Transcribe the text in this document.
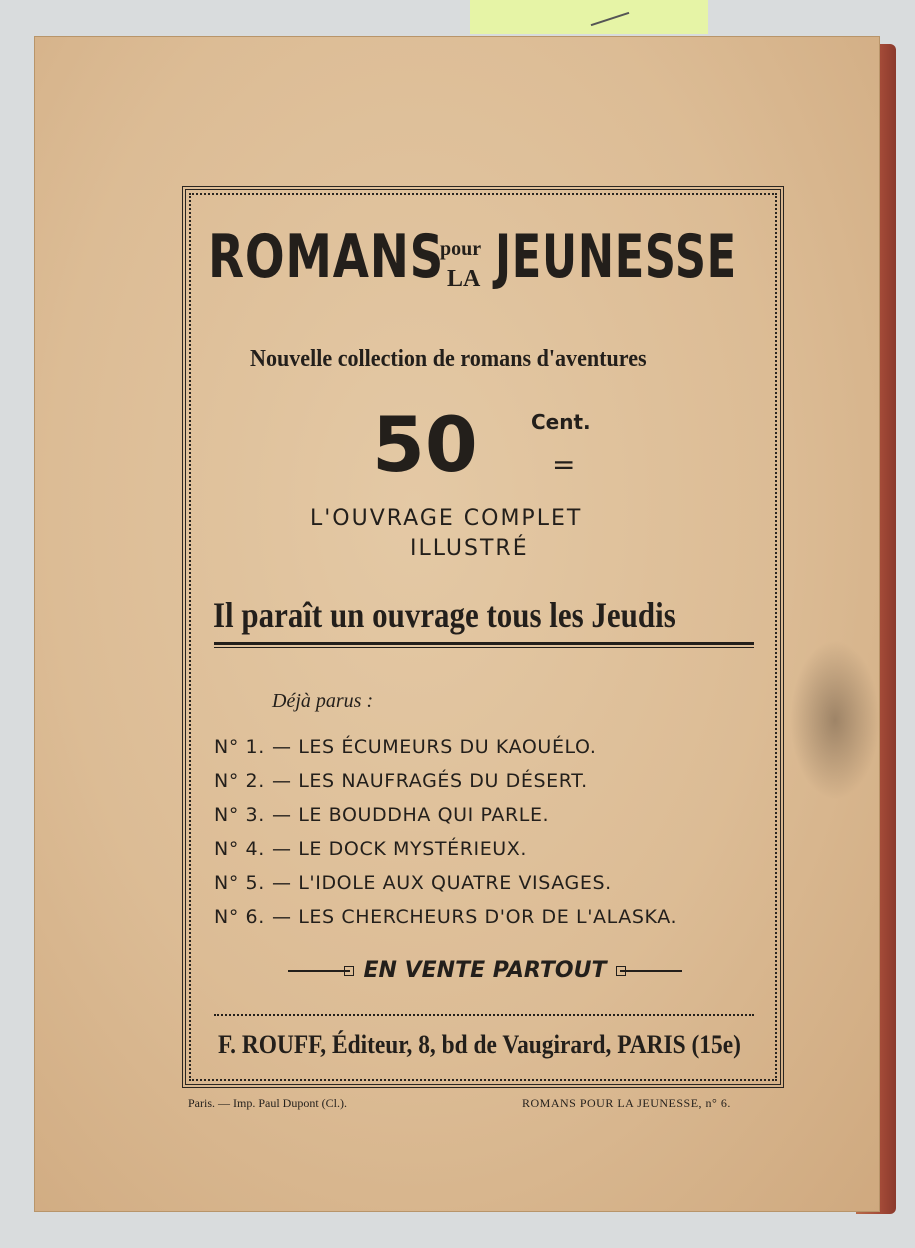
ROMANS
pour
LA JEUNESSE
Nouvelle collection de romans d'aventures
50	Cent.
=
L'OUVRAGE COMPLET
ILLUSTRÉ
Il paraît un ouvrage tous les Jeudis
Déjà parus :
N° 1. — LES ÉCUMEURS DU KAOUÉLO.
N° 2. — LES NAUFRAGÉS DU DÉSERT.
N° 3. — LE BOUDDHA QUI PARLE.
N° 4. — LE DOCK MYSTÉRIEUX.
N° 5. — L'IDOLE AUX QUATRE VISAGES.
N° 6. — LES CHERCHEURS D'OR DE L'ALASKA.
EN VENTE PARTOUT
F. ROUFF, Éditeur, 8, bd de Vaugirard, PARIS (15e)
Paris. — Imp. Paul Dupont (Cl.).	ROMANS POUR LA JEUNESSE, n° 6.
